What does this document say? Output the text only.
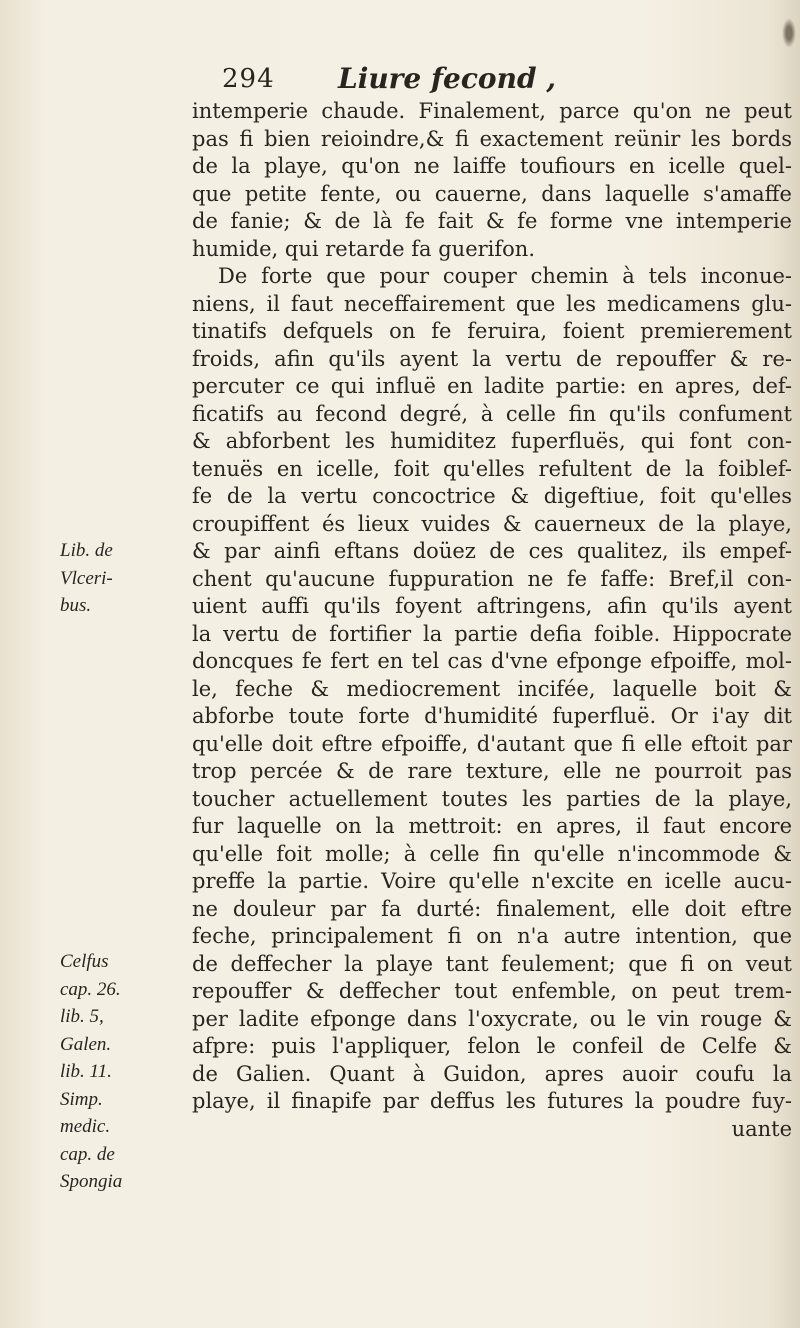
294 Liure fecond ,
intemperie chaude. Finalement, parce qu'on ne peut
pas fi bien reioindre,& fi exactement reünir les bords
de la playe, qu'on ne laiffe toufiours en icelle quel-
que petite fente, ou cauerne, dans laquelle s'amaffe
de fanie; & de là fe fait & fe forme vne intemperie
humide, qui retarde fa guerifon.
De forte que pour couper chemin à tels inconue-
niens, il faut neceffairement que les medicamens glu-
tinatifs defquels on fe feruira, foient premierement
froids, afin qu'ils ayent la vertu de repouffer & re-
percuter ce qui influë en ladite partie: en apres, def-
ficatifs au fecond degré, à celle fin qu'ils confument
& abforbent les humiditez fuperfluës, qui font con-
tenuës en icelle, foit qu'elles refultent de la foiblef-
fe de la vertu concoctrice & digeftiue, foit qu'elles
croupiffent és lieux vuides & cauerneux de la playe,
& par ainfi eftans doüez de ces qualitez, ils empef-
chent qu'aucune fuppuration ne fe faffe: Bref,il con-
uient auffi qu'ils foyent aftringens, afin qu'ils ayent
la vertu de fortifier la partie defia foible. Hippocrate
doncques fe fert en tel cas d'vne efponge efpoiffe, mol-
le, feche & mediocrement incifée, laquelle boit &
abforbe toute forte d'humidité fuperfluë. Or i'ay dit
qu'elle doit eftre efpoiffe, d'autant que fi elle eftoit par
trop percée & de rare texture, elle ne pourroit pas
toucher actuellement toutes les parties de la playe,
fur laquelle on la mettroit: en apres, il faut encore
qu'elle foit molle; à celle fin qu'elle n'incommode &
preffe la partie. Voire qu'elle n'excite en icelle aucu-
ne douleur par fa durté: finalement, elle doit eftre
feche, principalement fi on n'a autre intention, que
de deffecher la playe tant feulement; que fi on veut
repouffer & deffecher tout enfemble, on peut trem-
per ladite efponge dans l'oxycrate, ou le vin rouge &
afpre: puis l'appliquer, felon le confeil de Celfe &
de Galien. Quant à Guidon, apres auoir coufu la
playe, il finapife par deffus les futures la poudre fuy-
uante
Lib. de
Vlceri-
bus.
Celfus
cap. 26.
lib. 5,
Galen.
lib. 11.
Simp.
medic.
cap. de
Spongia
